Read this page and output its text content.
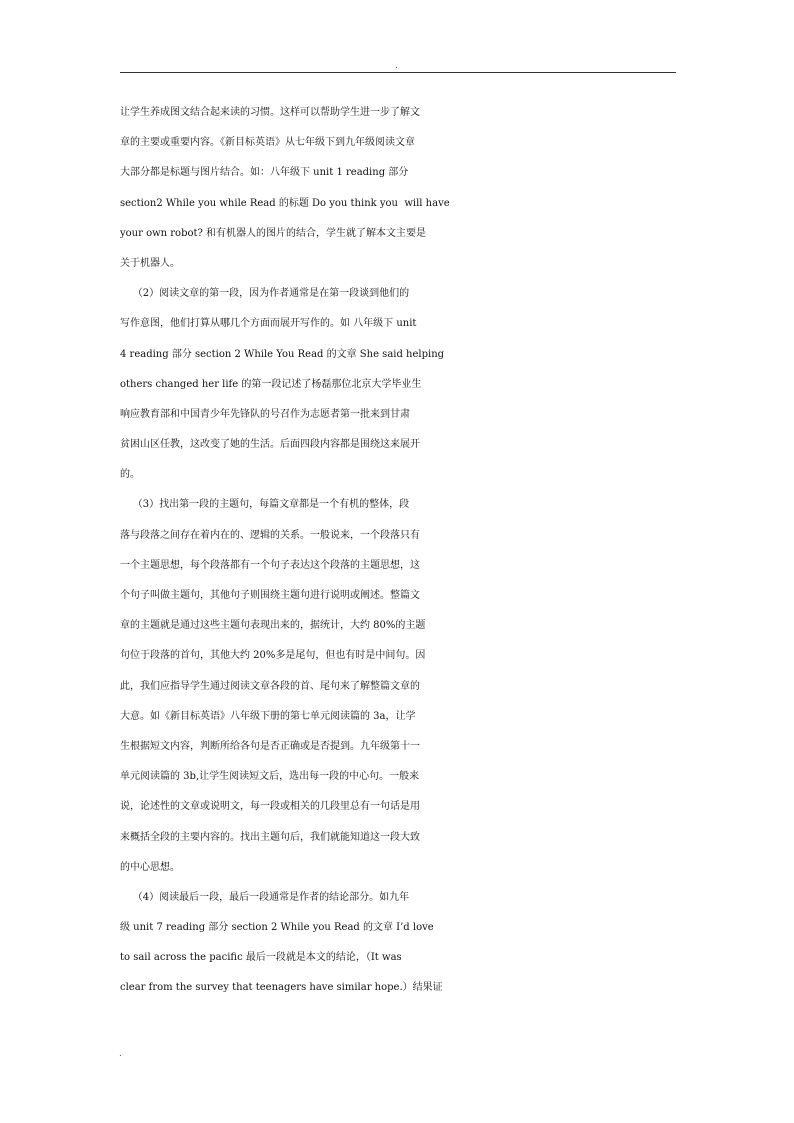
.
让学生养成图文结合起来读的习惯。这样可以帮助学生进一步了解文
章的主要或重要内容。《新目标英语》从七年级下到九年级阅读文章
大部分都是标题与图片结合。如：八年级下 unit 1 reading 部分
section2 While you while Read 的标题 Do you think you  will have
your own robot? 和有机器人的图片的结合，学生就了解本文主要是
关于机器人。
（2）阅读文章的第一段，因为作者通常是在第一段谈到他们的
写作意图，他们打算从哪几个方面而展开写作的。如 八年级下 unit
4 reading 部分 section 2 While You Read 的文章 She said helping
others changed her life 的第一段记述了杨磊那位北京大学毕业生
响应教育部和中国青少年先锋队的号召作为志愿者第一批来到甘肃
贫困山区任教，这改变了她的生活。后面四段内容都是围绕这来展开
的。
（3）找出第一段的主题句，每篇文章都是一个有机的整体，段
落与段落之间存在着内在的、逻辑的关系。一般说来，一个段落只有
一个主题思想，每个段落都有一个句子表达这个段落的主题思想，这
个句子叫做主题句，其他句子则围绕主题句进行说明或阐述。整篇文
章的主题就是通过这些主题句表现出来的，据统计，大约 80%的主题
句位于段落的首句，其他大约 20%多是尾句，但也有时是中间句。因
此，我们应指导学生通过阅读文章各段的首、尾句来了解整篇文章的
大意。如《新目标英语》八年级下册的第七单元阅读篇的 3a，让学
生根据短文内容，判断所给各句是否正确或是否提到。九年级第十一
单元阅读篇的 3b,让学生阅读短文后，选出每一段的中心句。一般来
说，论述性的文章或说明文，每一段或相关的几段里总有一句话是用
来概括全段的主要内容的。找出主题句后，我们就能知道这一段大致
的中心思想。
（4）阅读最后一段，最后一段通常是作者的结论部分。如九年
级 unit 7 reading 部分 section 2 While you Read 的文章 I’d love
to sail across the pacific 最后一段就是本文的结论，（It was
clear from the survey that teenagers have similar hope.）结果证
.
